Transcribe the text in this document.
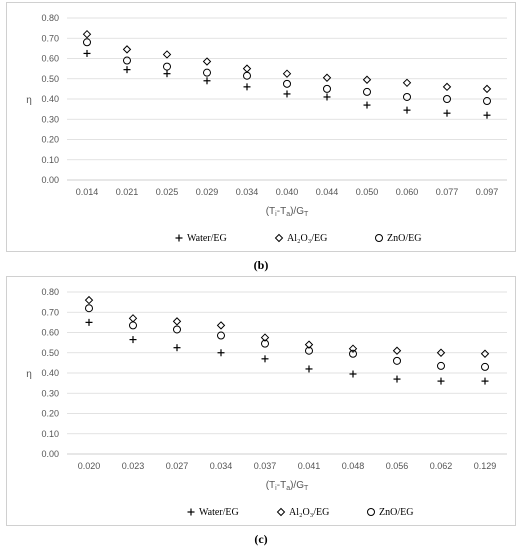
0.00
0.10
0.20
0.30
0.40
0.50
0.60
0.70
0.80
η
0.014 0.021 0.025 0.029 0.034 0.040 0.044 0.050 0.060 0.077 0.097
$(T_i-T_a)/G_T$
Water/EG	Al₂O₃/EG	ZnO/EG
(b)
0.00
0.10
0.20
0.30
0.40
0.50
0.60
0.70
0.80
η
0.020 0.023 0.027 0.034 0.037 0.041 0.048 0.056 0.062 0.129
$(T_i-T_a)/G_T$
Water/EG	Al₂O₃/EG	ZnO/EG
(c)
